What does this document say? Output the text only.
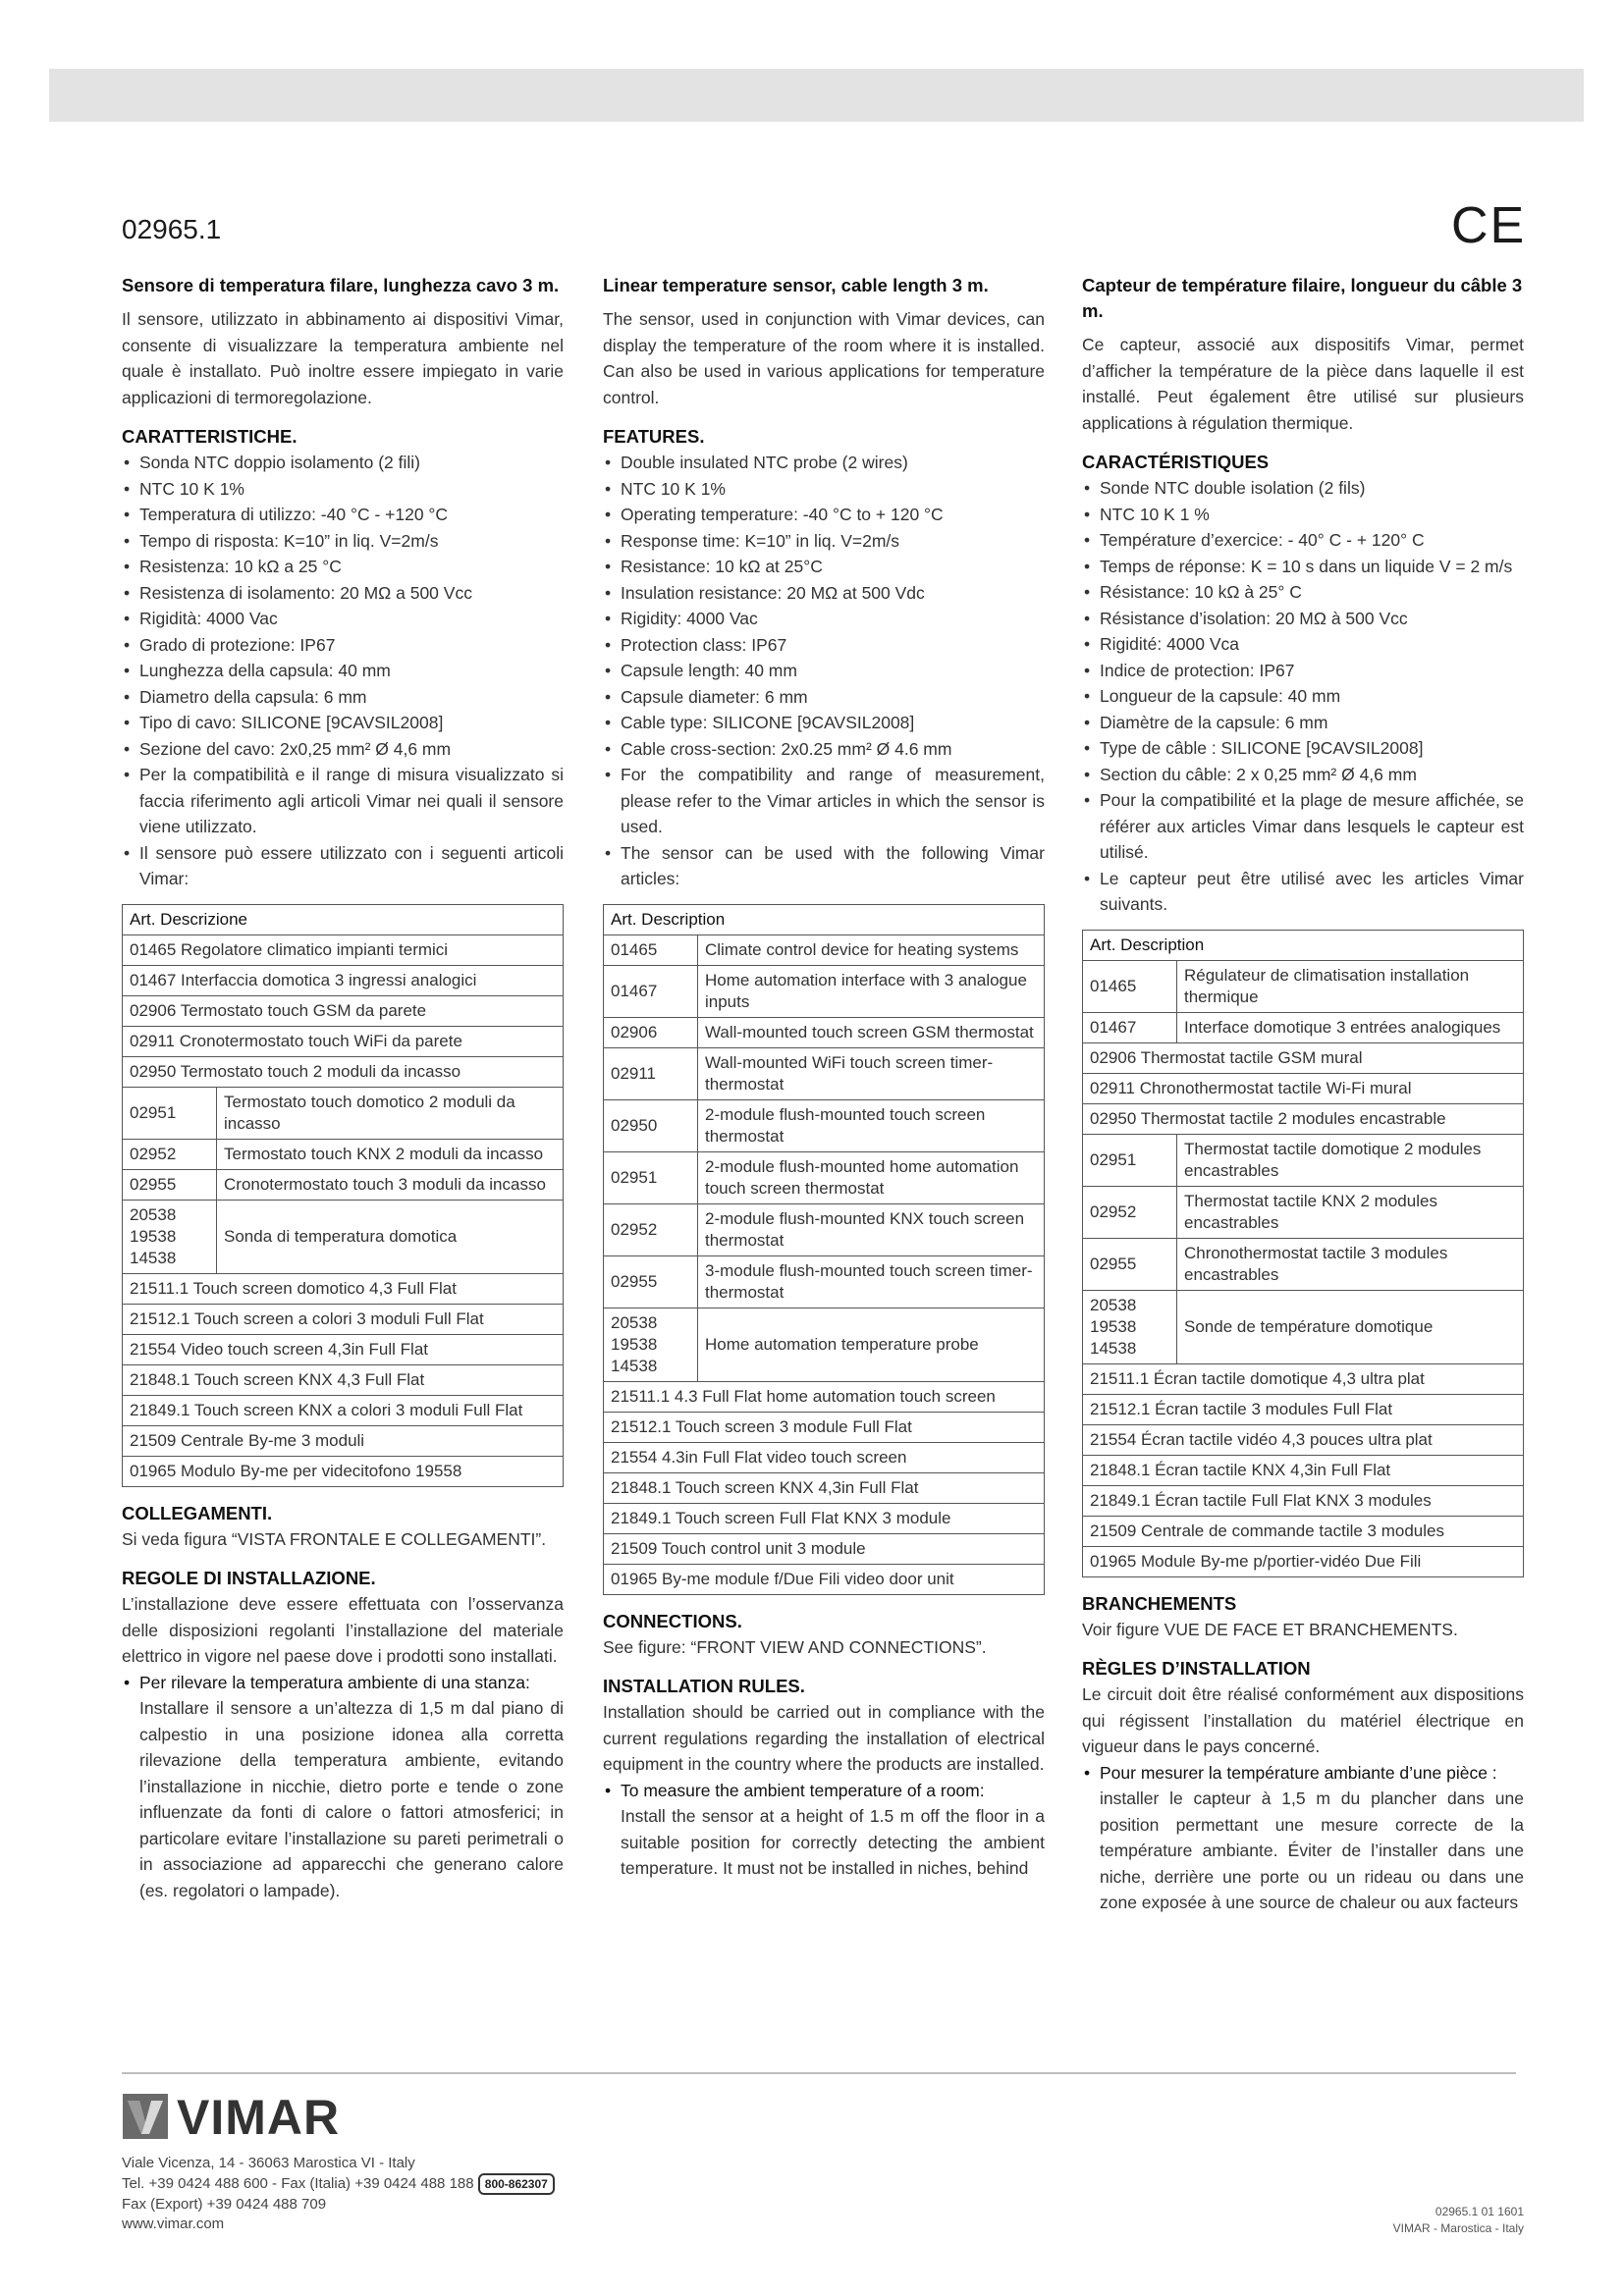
02965.1	CE
Sensore di temperatura filare, lunghezza cavo 3 m.
Il sensore, utilizzato in abbinamento ai dispositivi Vimar, consente di visualizzare la temperatura ambiente nel quale è installato. Può inoltre essere impiegato in varie applicazioni di termoregolazione.
CARATTERISTICHE.
• Sonda NTC doppio isolamento (2 fili)
• NTC 10 K 1%
• Temperatura di utilizzo: -40 °C - +120 °C
• Tempo di risposta: K=10” in liq. V=2m/s
• Resistenza: 10 kΩ a 25 °C
• Resistenza di isolamento: 20 MΩ a 500 Vcc
• Rigidità: 4000 Vac
• Grado di protezione: IP67
• Lunghezza della capsula: 40 mm
• Diametro della capsula: 6 mm
• Tipo di cavo: SILICONE [9CAVSIL2008]
• Sezione del cavo: 2x0,25 mm² Ø 4,6 mm
• Per la compatibilità e il range di misura visualizzato si faccia riferimento agli articoli Vimar nei quali il sensore viene utilizzato.
• Il sensore può essere utilizzato con i seguenti articoli Vimar:
Art. Descrizione	
01465 Regolatore climatico impianti termici	
01467 Interfaccia domotica 3 ingressi analogici	
02906 Termostato touch GSM da parete	
02911 Cronotermostato touch WiFi da parete	
02950 Termostato touch 2 moduli da incasso	
02951	Termostato touch domotico 2 moduli da incasso
02952	Termostato touch KNX 2 moduli da incasso
02955	Cronotermostato touch 3 moduli da incasso
20538
19538
14538	Sonda di temperatura domotica
21511.1 Touch screen domotico 4,3 Full Flat	
21512.1 Touch screen a colori 3 moduli Full Flat	
21554 Video touch screen 4,3in Full Flat	
21848.1 Touch screen KNX 4,3 Full Flat	
21849.1 Touch screen KNX a colori 3 moduli Full Flat	
21509 Centrale By-me 3 moduli	
01965 Modulo By-me per videcitofono 19558	
COLLEGAMENTI.
Si veda figura “VISTA FRONTALE E COLLEGAMENTI”.
REGOLE DI INSTALLAZIONE.
L’installazione deve essere effettuata con l’osservanza delle disposizioni regolanti l’installazione del materiale elettrico in vigore nel paese dove i prodotti sono installati.
• Per rilevare la temperatura ambiente di una stanza:
Installare il sensore a un’altezza di 1,5 m dal piano di calpestio in una posizione idonea alla corretta rilevazione della temperatura ambiente, evitando l’installazione in nicchie, dietro porte e tende o zone influenzate da fonti di calore o fattori atmosferici; in particolare evitare l’installazione su pareti perimetrali o in associazione ad apparecchi che generano calore (es. regolatori o lampade).
Linear temperature sensor, cable length 3 m.
The sensor, used in conjunction with Vimar devices, can display the temperature of the room where it is installed. Can also be used in various applications for temperature control.
FEATURES.
• Double insulated NTC probe (2 wires)
• NTC 10 K 1%
• Operating temperature: -40 °C to + 120 °C
• Response time: K=10” in liq. V=2m/s
• Resistance: 10 kΩ at 25°C
• Insulation resistance: 20 MΩ at 500 Vdc
• Rigidity: 4000 Vac
• Protection class: IP67
• Capsule length: 40 mm
• Capsule diameter: 6 mm
• Cable type: SILICONE [9CAVSIL2008]
• Cable cross-section: 2x0.25 mm² Ø 4.6 mm
• For the compatibility and range of measurement, please refer to the Vimar articles in which the sensor is used.
• The sensor can be used with the following Vimar articles:
Art. Description	
01465	Climate control device for heating systems
01467	Home automation interface with 3 analogue inputs
02906	Wall-mounted touch screen GSM thermostat
02911	Wall-mounted WiFi touch screen timer-thermostat
02950	2-module flush-mounted touch screen thermostat
02951	2-module flush-mounted home automation touch screen thermostat
02952	2-module flush-mounted KNX touch screen thermostat
02955	3-module flush-mounted touch screen timer-thermostat
20538
19538
14538	Home automation temperature probe
21511.1 4.3 Full Flat home automation touch screen	
21512.1 Touch screen 3 module Full Flat	
21554 4.3in Full Flat video touch screen	
21848.1 Touch screen KNX 4,3in Full Flat	
21849.1 Touch screen Full Flat KNX 3 module	
21509 Touch control unit 3 module	
01965 By-me module f/Due Fili video door unit	
CONNECTIONS.
See figure: “FRONT VIEW AND CONNECTIONS”.
INSTALLATION RULES.
Installation should be carried out in compliance with the current regulations regarding the installation of electrical equipment in the country where the products are installed.
• To measure the ambient temperature of a room:
Install the sensor at a height of 1.5 m off the floor in a suitable position for correctly detecting the ambient temperature. It must not be installed in niches, behind
Capteur de température filaire, longueur du câble 3 m.
Ce capteur, associé aux dispositifs Vimar, permet d’afficher la température de la pièce dans laquelle il est installé. Peut également être utilisé sur plusieurs applications à régulation thermique.
CARACTÉRISTIQUES
• Sonde NTC double isolation (2 fils)
• NTC 10 K 1 %
• Température d’exercice: - 40° C - + 120° C
• Temps de réponse: K = 10 s dans un liquide V = 2 m/s
• Résistance: 10 kΩ à 25° C
• Résistance d’isolation: 20 MΩ à 500 Vcc
• Rigidité: 4000 Vca
• Indice de protection: IP67
• Longueur de la capsule: 40 mm
• Diamètre de la capsule: 6 mm
• Type de câble : SILICONE [9CAVSIL2008]
• Section du câble: 2 x 0,25 mm² Ø 4,6 mm
• Pour la compatibilité et la plage de mesure affichée, se référer aux articles Vimar dans lesquels le capteur est utilisé.
• Le capteur peut être utilisé avec les articles Vimar suivants.
Art. Description	
01465	Régulateur de climatisation installation thermique
01467	Interface domotique 3 entrées analogiques
02906 Thermostat tactile GSM mural	
02911 Chronothermostat tactile Wi-Fi mural	
02950 Thermostat tactile 2 modules encastrable	
02951	Thermostat tactile domotique 2 modules encastrables
02952	Thermostat tactile KNX 2 modules encastrables
02955	Chronothermostat tactile 3 modules encastrables
20538
19538
14538	Sonde de température domotique
21511.1 Écran tactile domotique 4,3 ultra plat	
21512.1 Écran tactile 3 modules Full Flat	
21554 Écran tactile vidéo 4,3 pouces ultra plat	
21848.1 Écran tactile KNX 4,3in Full Flat	
21849.1 Écran tactile Full Flat KNX 3 modules	
21509 Centrale de commande tactile 3 modules	
01965 Module By-me p/portier-vidéo Due Fili	
BRANCHEMENTS
Voir figure VUE DE FACE ET BRANCHEMENTS.
RÈGLES D’INSTALLATION
Le circuit doit être réalisé conformément aux dispositions qui régissent l’installation du matériel électrique en vigueur dans le pays concerné.
• Pour mesurer la température ambiante d’une pièce :
installer le capteur à 1,5 m du plancher dans une position permettant une mesure correcte de la température ambiante. Éviter de l’installer dans une niche, derrière une porte ou un rideau ou dans une zone exposée à une source de chaleur ou aux facteurs
VIMAR
Viale Vicenza, 14 - 36063 Marostica VI - Italy
Tel. +39 0424 488 600 - Fax (Italia) +39 0424 488 188 800-862307
Fax (Export) +39 0424 488 709
www.vimar.com
02965.1 01 1601
VIMAR - Marostica - Italy
